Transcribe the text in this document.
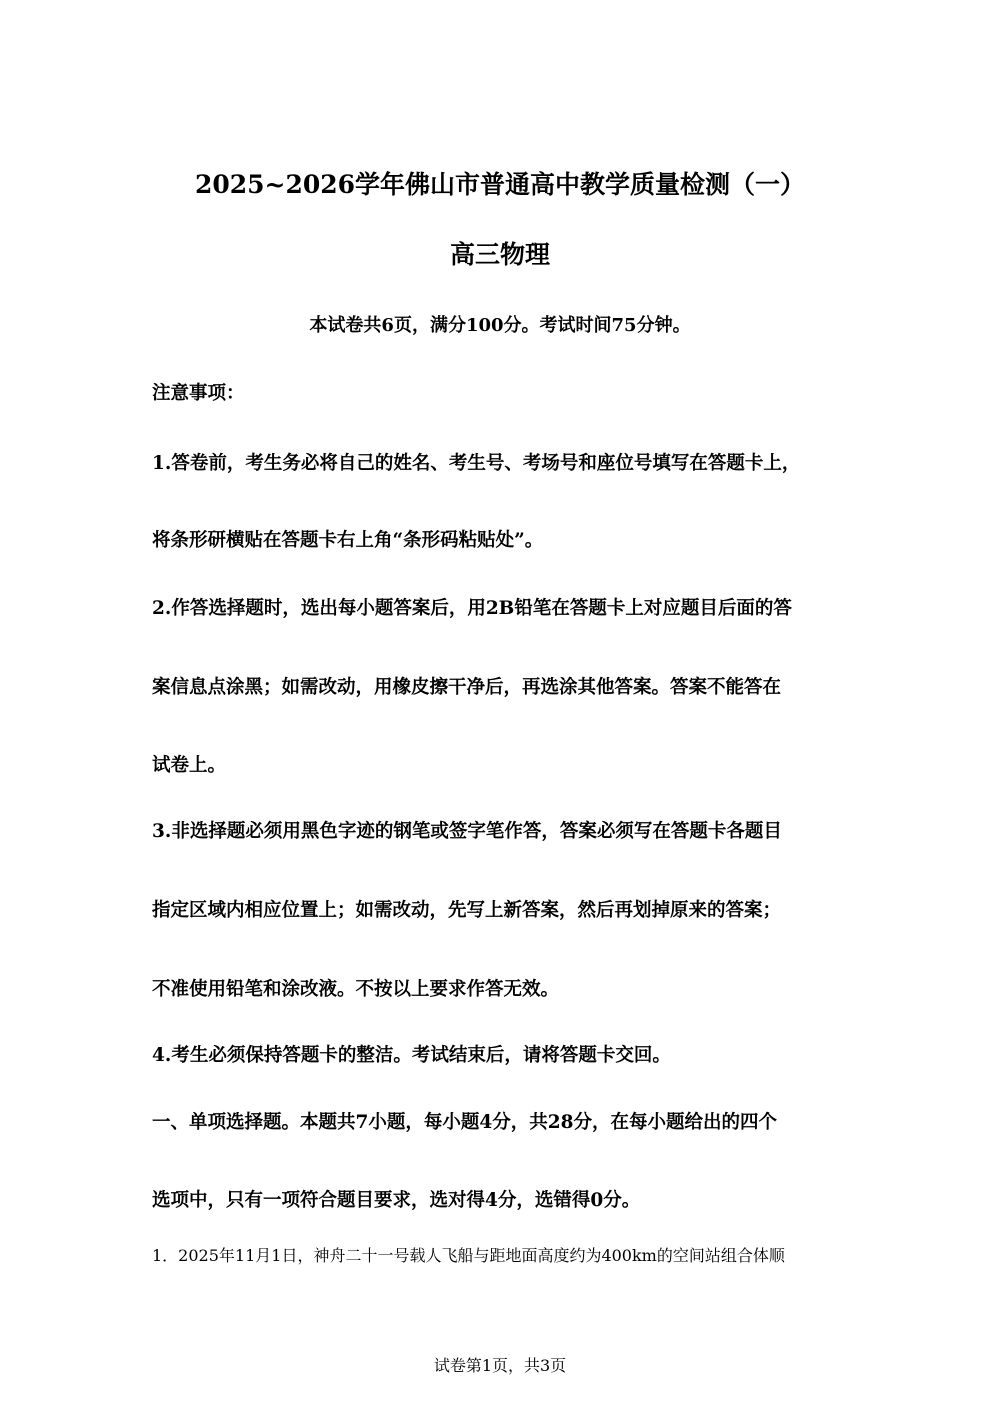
2025~2026学年佛山市普通高中教学质量检测（一）
高三物理
本试卷共6页，满分100分。考试时间75分钟。
注意事项：
1.答卷前，考生务必将自己的姓名、考生号、考场号和座位号填写在答题卡上，
将条形研横贴在答题卡右上角“条形码粘贴处”。
2.作答选择题时，选出每小题答案后，用2B铅笔在答题卡上对应题目后面的答
案信息点涂黑；如需改动，用橡皮擦干净后，再选涂其他答案。答案不能答在
试卷上。
3.非选择题必须用黑色字迹的钢笔或签字笔作答，答案必须写在答题卡各题目
指定区域内相应位置上；如需改动，先写上新答案，然后再划掉原来的答案；
不准使用铅笔和涂改液。不按以上要求作答无效。
4.考生必须保持答题卡的整洁。考试结束后，请将答题卡交回。
一、单项选择题。本题共7小题，每小题4分，共28分，在每小题给出的四个
选项中，只有一项符合题目要求，选对得4分，选错得0分。
1．2025年11月1日，神舟二十一号载人飞船与距地面高度约为400km的空间站组合体顺
试卷第1页，共3页
